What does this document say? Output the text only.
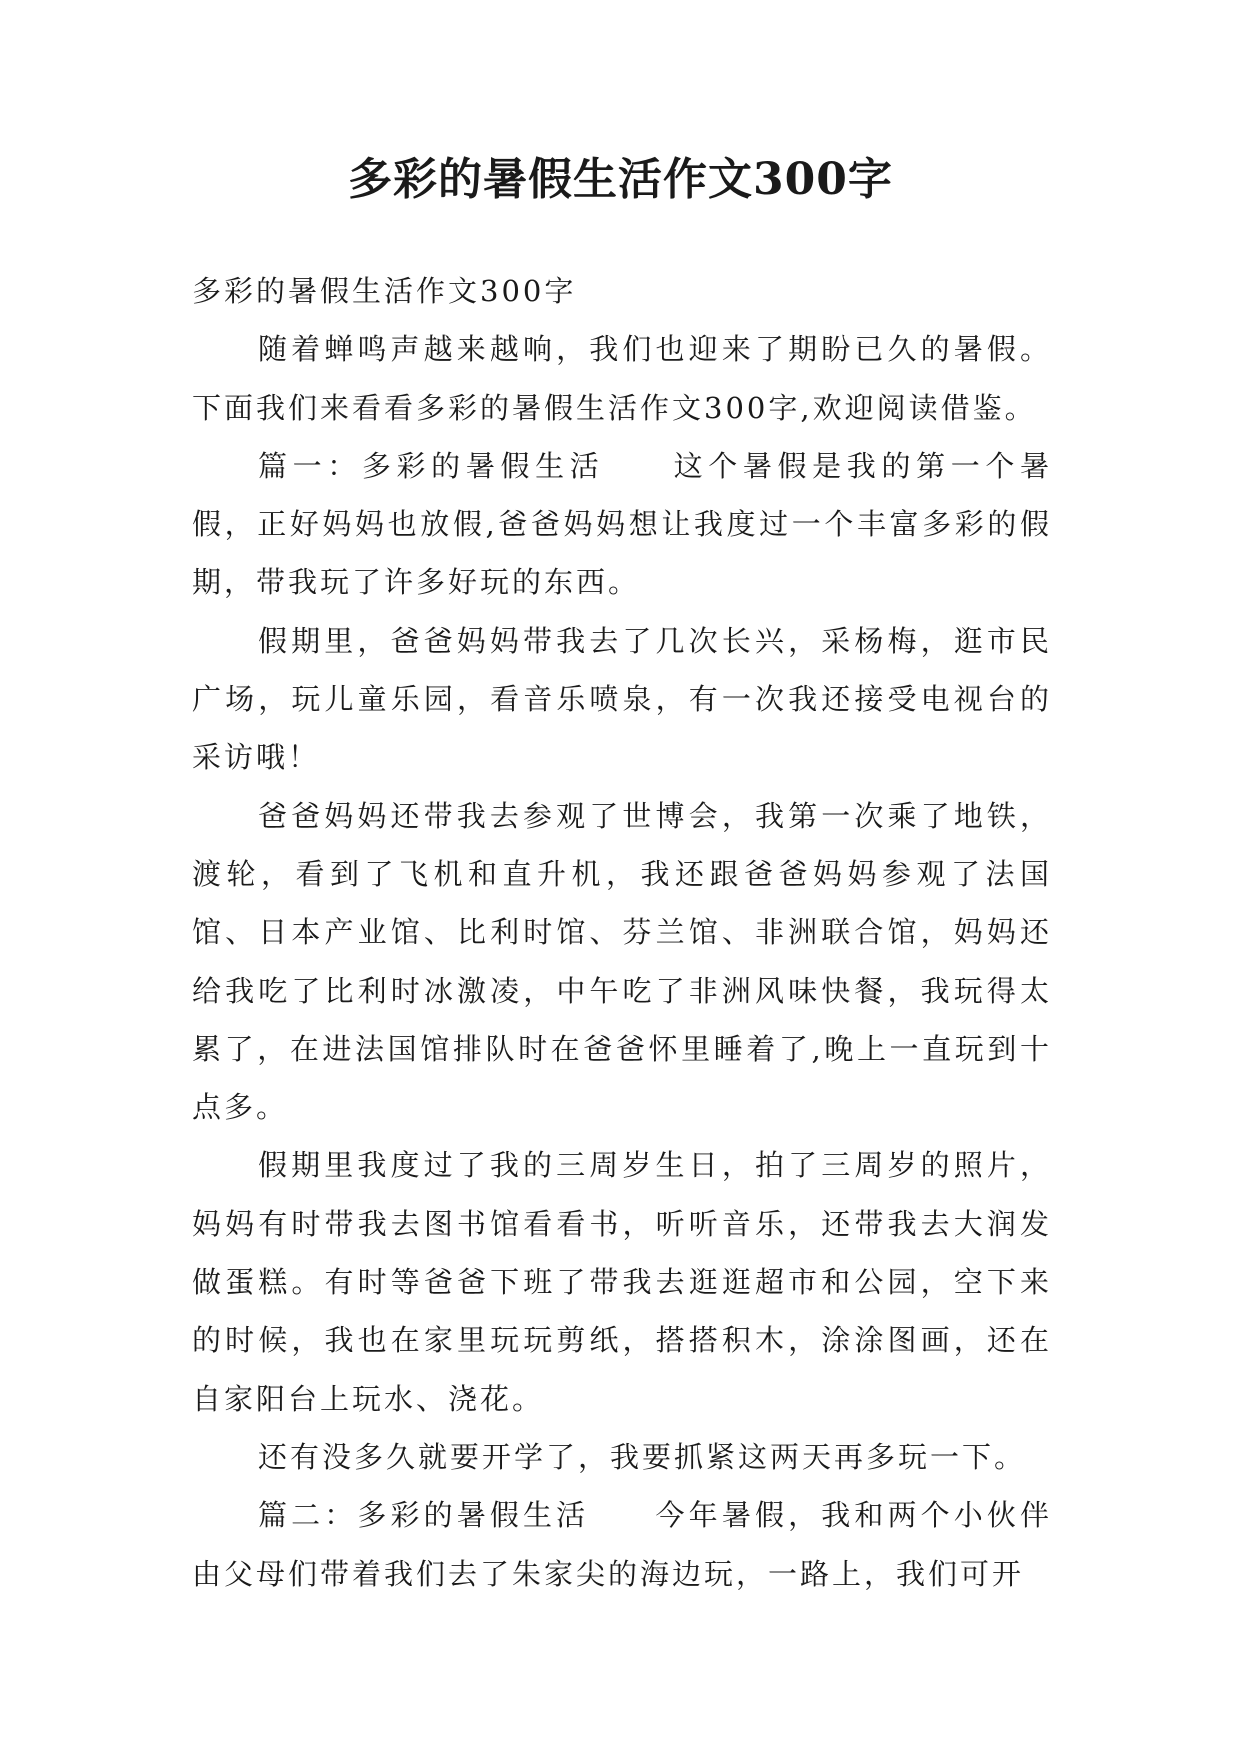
多彩的暑假生活作文300字

多彩的暑假生活作文300字

随着蝉鸣声越来越响，我们也迎来了期盼已久的暑假。下面我们来看看多彩的暑假生活作文300字,欢迎阅读借鉴。

篇一：多彩的暑假生活　　这个暑假是我的第一个暑假，正好妈妈也放假,爸爸妈妈想让我度过一个丰富多彩的假期，带我玩了许多好玩的东西。

假期里，爸爸妈妈带我去了几次长兴，采杨梅，逛市民广场，玩儿童乐园，看音乐喷泉，有一次我还接受电视台的采访哦！

爸爸妈妈还带我去参观了世博会，我第一次乘了地铁，渡轮，看到了飞机和直升机，我还跟爸爸妈妈参观了法国馆、日本产业馆、比利时馆、芬兰馆、非洲联合馆，妈妈还给我吃了比利时冰激凌，中午吃了非洲风味快餐，我玩得太累了，在进法国馆排队时在爸爸怀里睡着了,晚上一直玩到十点多。

假期里我度过了我的三周岁生日，拍了三周岁的照片，妈妈有时带我去图书馆看看书，听听音乐，还带我去大润发做蛋糕。有时等爸爸下班了带我去逛逛超市和公园，空下来的时候，我也在家里玩玩剪纸，搭搭积木，涂涂图画，还在自家阳台上玩水、浇花。

还有没多久就要开学了，我要抓紧这两天再多玩一下。

篇二：多彩的暑假生活　　今年暑假，我和两个小伙伴由父母们带着我们去了朱家尖的海边玩，一路上，我们可开
